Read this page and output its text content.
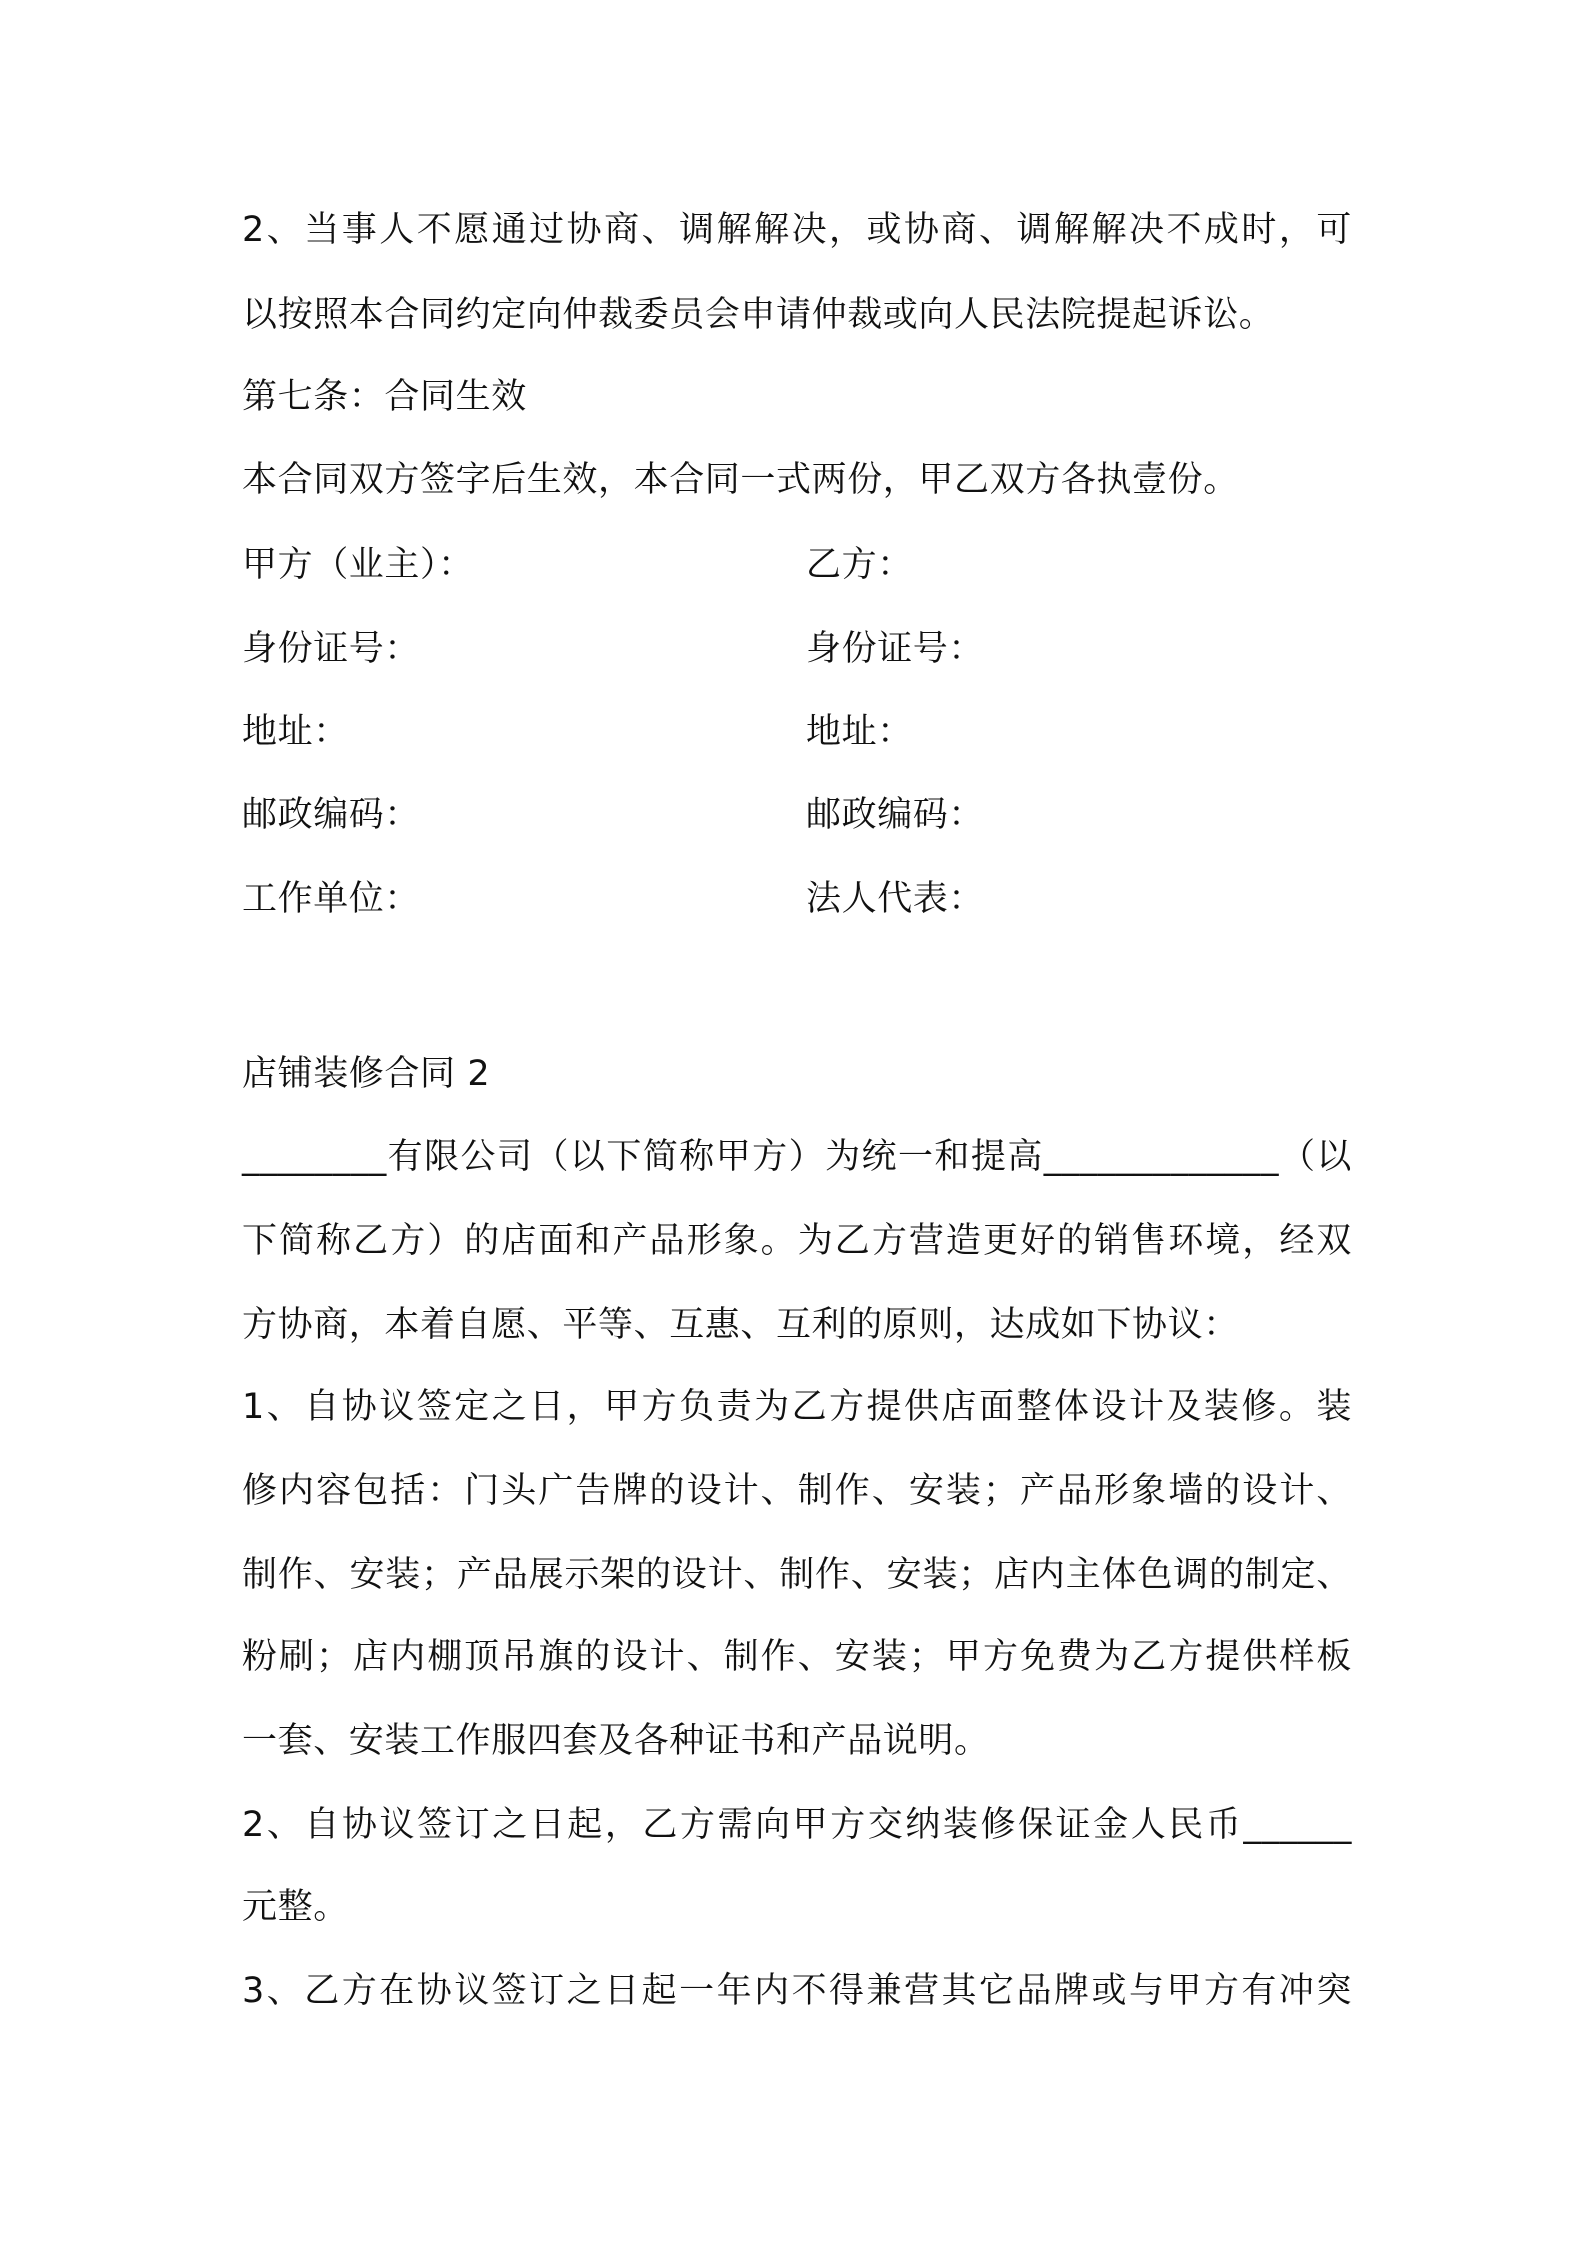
2、当事人不愿通过协商、调解解决，或协商、调解解决不成时，可
以按照本合同约定向仲裁委员会申请仲裁或向人民法院提起诉讼。
第七条：合同生效
本合同双方签字后生效，本合同一式两份，甲乙双方各执壹份。
甲方（业主）：	乙方：
身份证号：	身份证号：
地址：	地址：
邮政编码：	邮政编码：
工作单位：	法人代表：
店铺装修合同 2
________有限公司（以下简称甲方）为统一和提高_____________（以
下简称乙方）的店面和产品形象。为乙方营造更好的销售环境，经双
方协商，本着自愿、平等、互惠、互利的原则，达成如下协议：
1、自协议签定之日，甲方负责为乙方提供店面整体设计及装修。装
修内容包括：门头广告牌的设计、制作、安装；产品形象墙的设计、
制作、安装；产品展示架的设计、制作、安装；店内主体色调的制定、
粉刷；店内棚顶吊旗的设计、制作、安装；甲方免费为乙方提供样板
一套、安装工作服四套及各种证书和产品说明。
2、自协议签订之日起，乙方需向甲方交纳装修保证金人民币______
元整。
3、乙方在协议签订之日起一年内不得兼营其它品牌或与甲方有冲突
